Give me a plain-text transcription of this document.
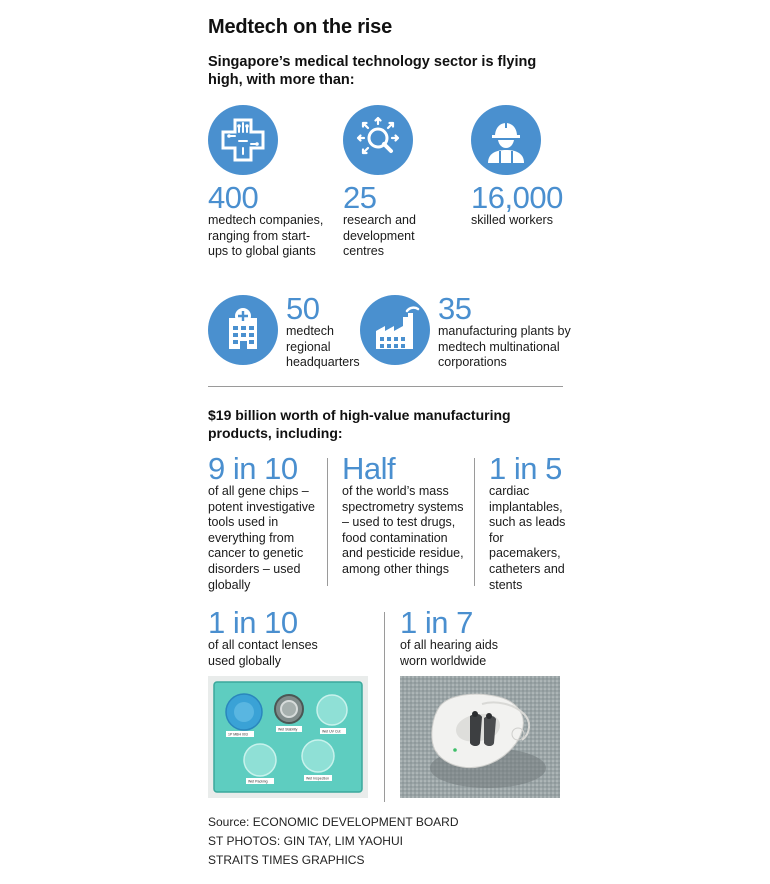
Medtech on the rise
Singapore’s medical technology sector is flying high, with more than:
400
medtech companies, ranging from start-ups to global giants
25
research and development centres
16,000
skilled workers
50
medtech regional headquarters
35
manufacturing plants by medtech multinational corporations
$19 billion worth of high-value manufacturing products, including:
9 in 10
of all gene chips – potent investigative tools used in everything from cancer to genetic disorders – used globally
Half
of the world’s mass spectrometry systems – used to test drugs, food contamination and pesticide residue, among other things
1 in 5
cardiac implantables, such as leads for pacemakers, catheters and stents
1 in 10
of all contact lenses used globally
1 in 7
of all hearing aids worn worldwide
1P MBH 003
Wet Stability	Wet UV Cut
Wet Packing
Wet Inspection
Source: ECONOMIC DEVELOPMENT BOARD
ST PHOTOS: GIN TAY, LIM YAOHUI
STRAITS TIMES GRAPHICS
